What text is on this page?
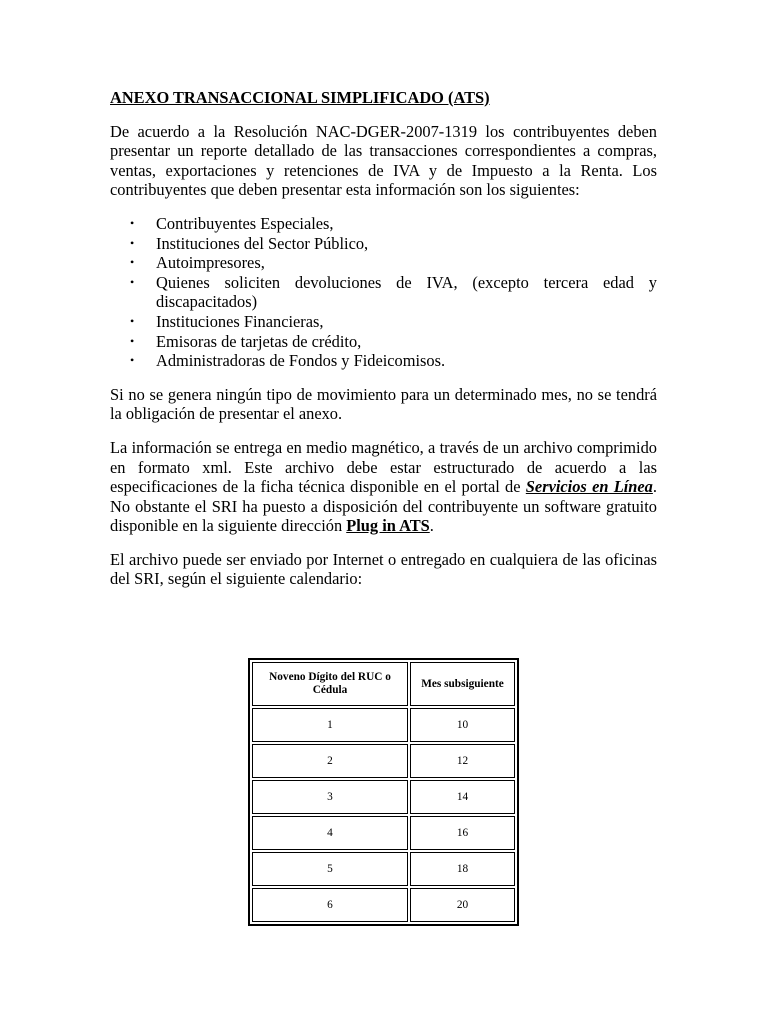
ANEXO TRANSACCIONAL SIMPLIFICADO (ATS)

De acuerdo a la Resolución NAC-DGER-2007-1319 los contribuyentes deben presentar un reporte detallado de las transacciones correspondientes a compras, ventas, exportaciones y retenciones de IVA y de Impuesto a la Renta. Los contribuyentes que deben presentar esta información son los siguientes:

• Contribuyentes Especiales,
• Instituciones del Sector Público,
• Autoimpresores,
• Quienes soliciten devoluciones de IVA, (excepto tercera edad y discapacitados)
• Instituciones Financieras,
• Emisoras de tarjetas de crédito,
• Administradoras de Fondos y Fideicomisos.

Si no se genera ningún tipo de movimiento para un determinado mes, no se tendrá la obligación de presentar el anexo.

La información se entrega en medio magnético, a través de un archivo comprimido en formato xml. Este archivo debe estar estructurado de acuerdo a las especificaciones de la ficha técnica disponible en el portal de Servicios en Línea. No obstante el SRI ha puesto a disposición del contribuyente un software gratuito disponible en la siguiente dirección Plug in ATS.

El archivo puede ser enviado por Internet o entregado en cualquiera de las oficinas del SRI, según el siguiente calendario:

Noveno Dígito del RUC o Cédula	Mes subsiguiente
1	10
2	12
3	14
4	16
5	18
6	20
